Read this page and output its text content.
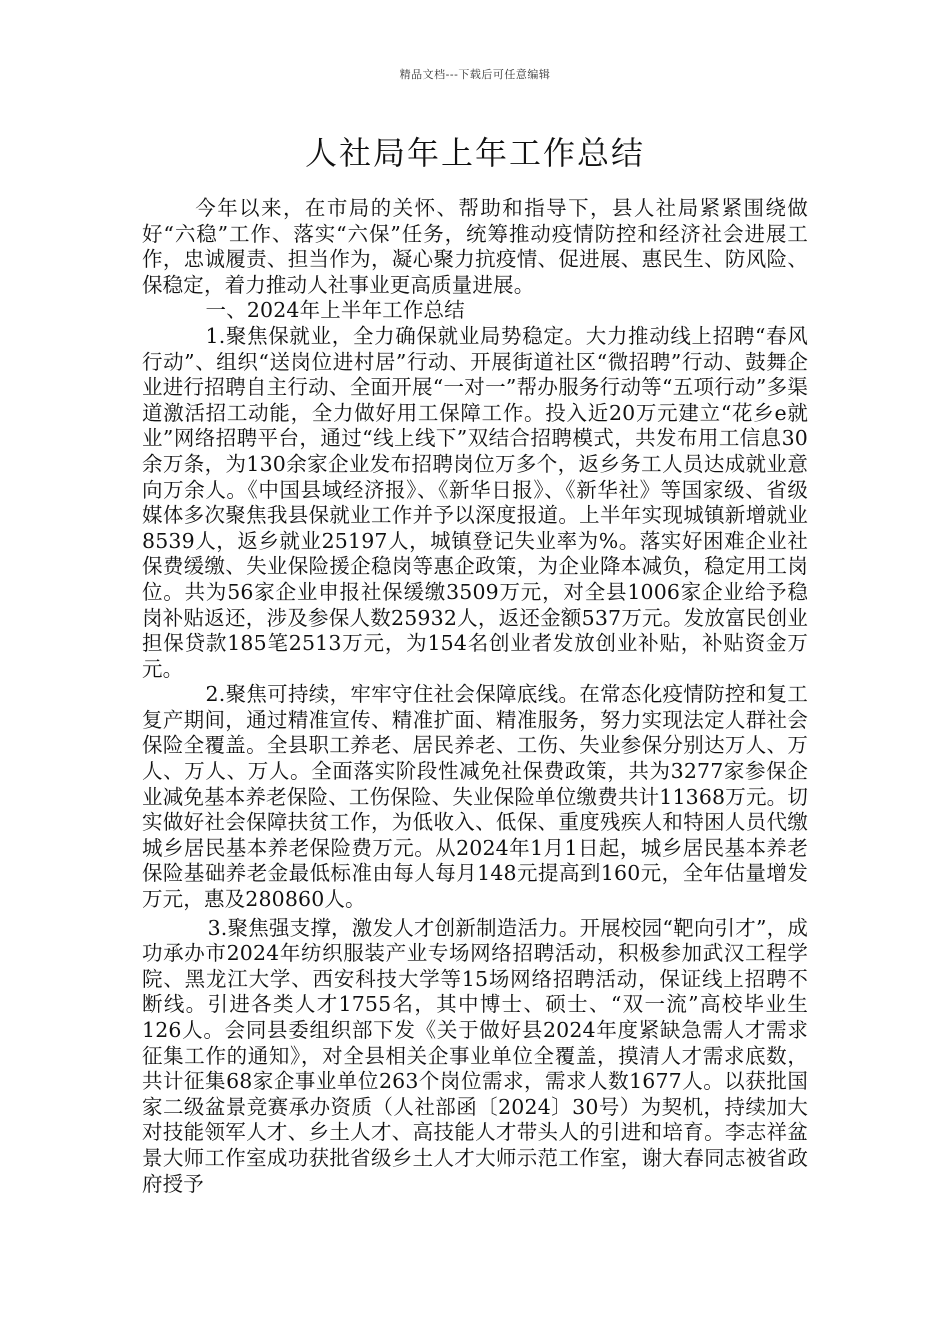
精品文档---下载后可任意编辑
人社局年上年工作总结

今年以来，在市局的关怀、帮助和指导下，县人社局紧紧围绕做好“六稳”工作、落实“六保”任务，统筹推动疫情防控和经济社会进展工作，忠诚履责、担当作为，凝心聚力抗疫情、促进展、惠民生、防风险、保稳定，着力推动人社事业更高质量进展。

一、2024年上半年工作总结

1.聚焦保就业，全力确保就业局势稳定。大力推动线上招聘“春风行动”、组织“送岗位进村居”行动、开展街道社区“微招聘”行动、鼓舞企业进行招聘自主行动、全面开展“一对一”帮办服务行动等“五项行动”多渠道激活招工动能，全力做好用工保障工作。投入近20万元建立“花乡e就业”网络招聘平台，通过“线上线下”双结合招聘模式，共发布用工信息30余万条，为130余家企业发布招聘岗位万多个，返乡务工人员达成就业意向万余人。《中国县域经济报》、《新华日报》、《新华社》等国家级、省级媒体多次聚焦我县保就业工作并予以深度报道。上半年实现城镇新增就业8539人，返乡就业25197人，城镇登记失业率为%。落实好困难企业社保费缓缴、失业保险援企稳岗等惠企政策，为企业降本减负，稳定用工岗位。共为56家企业申报社保缓缴3509万元，对全县1006家企业给予稳岗补贴返还，涉及参保人数25932人，返还金额537万元。发放富民创业担保贷款185笔2513万元，为154名创业者发放创业补贴，补贴资金万元。

2.聚焦可持续，牢牢守住社会保障底线。在常态化疫情防控和复工复产期间，通过精准宣传、精准扩面、精准服务，努力实现法定人群社会保险全覆盖。全县职工养老、居民养老、工伤、失业参保分别达万人、万人、万人、万人。全面落实阶段性减免社保费政策，共为3277家参保企业减免基本养老保险、工伤保险、失业保险单位缴费共计11368万元。切实做好社会保障扶贫工作，为低收入、低保、重度残疾人和特困人员代缴城乡居民基本养老保险费万元。从2024年1月1日起，城乡居民基本养老保险基础养老金最低标准由每人每月148元提高到160元，全年估量增发万元，惠及280860人。

3.聚焦强支撑，激发人才创新制造活力。开展校园“靶向引才”，成功承办市2024年纺织服装产业专场网络招聘活动，积极参加武汉工程学院、黑龙江大学、西安科技大学等15场网络招聘活动，保证线上招聘不断线。引进各类人才1755名，其中博士、硕士、“双一流”高校毕业生126人。会同县委组织部下发《关于做好县2024年度紧缺急需人才需求征集工作的通知》，对全县相关企事业单位全覆盖，摸清人才需求底数，共计征集68家企事业单位263个岗位需求，需求人数1677人。以获批国家二级盆景竞赛承办资质（人社部函〔2024〕30号）为契机，持续加大对技能领军人才、乡土人才、高技能人才带头人的引进和培育。李志祥盆景大师工作室成功获批省级乡土人才大师示范工作室，谢大春同志被省政府授予
